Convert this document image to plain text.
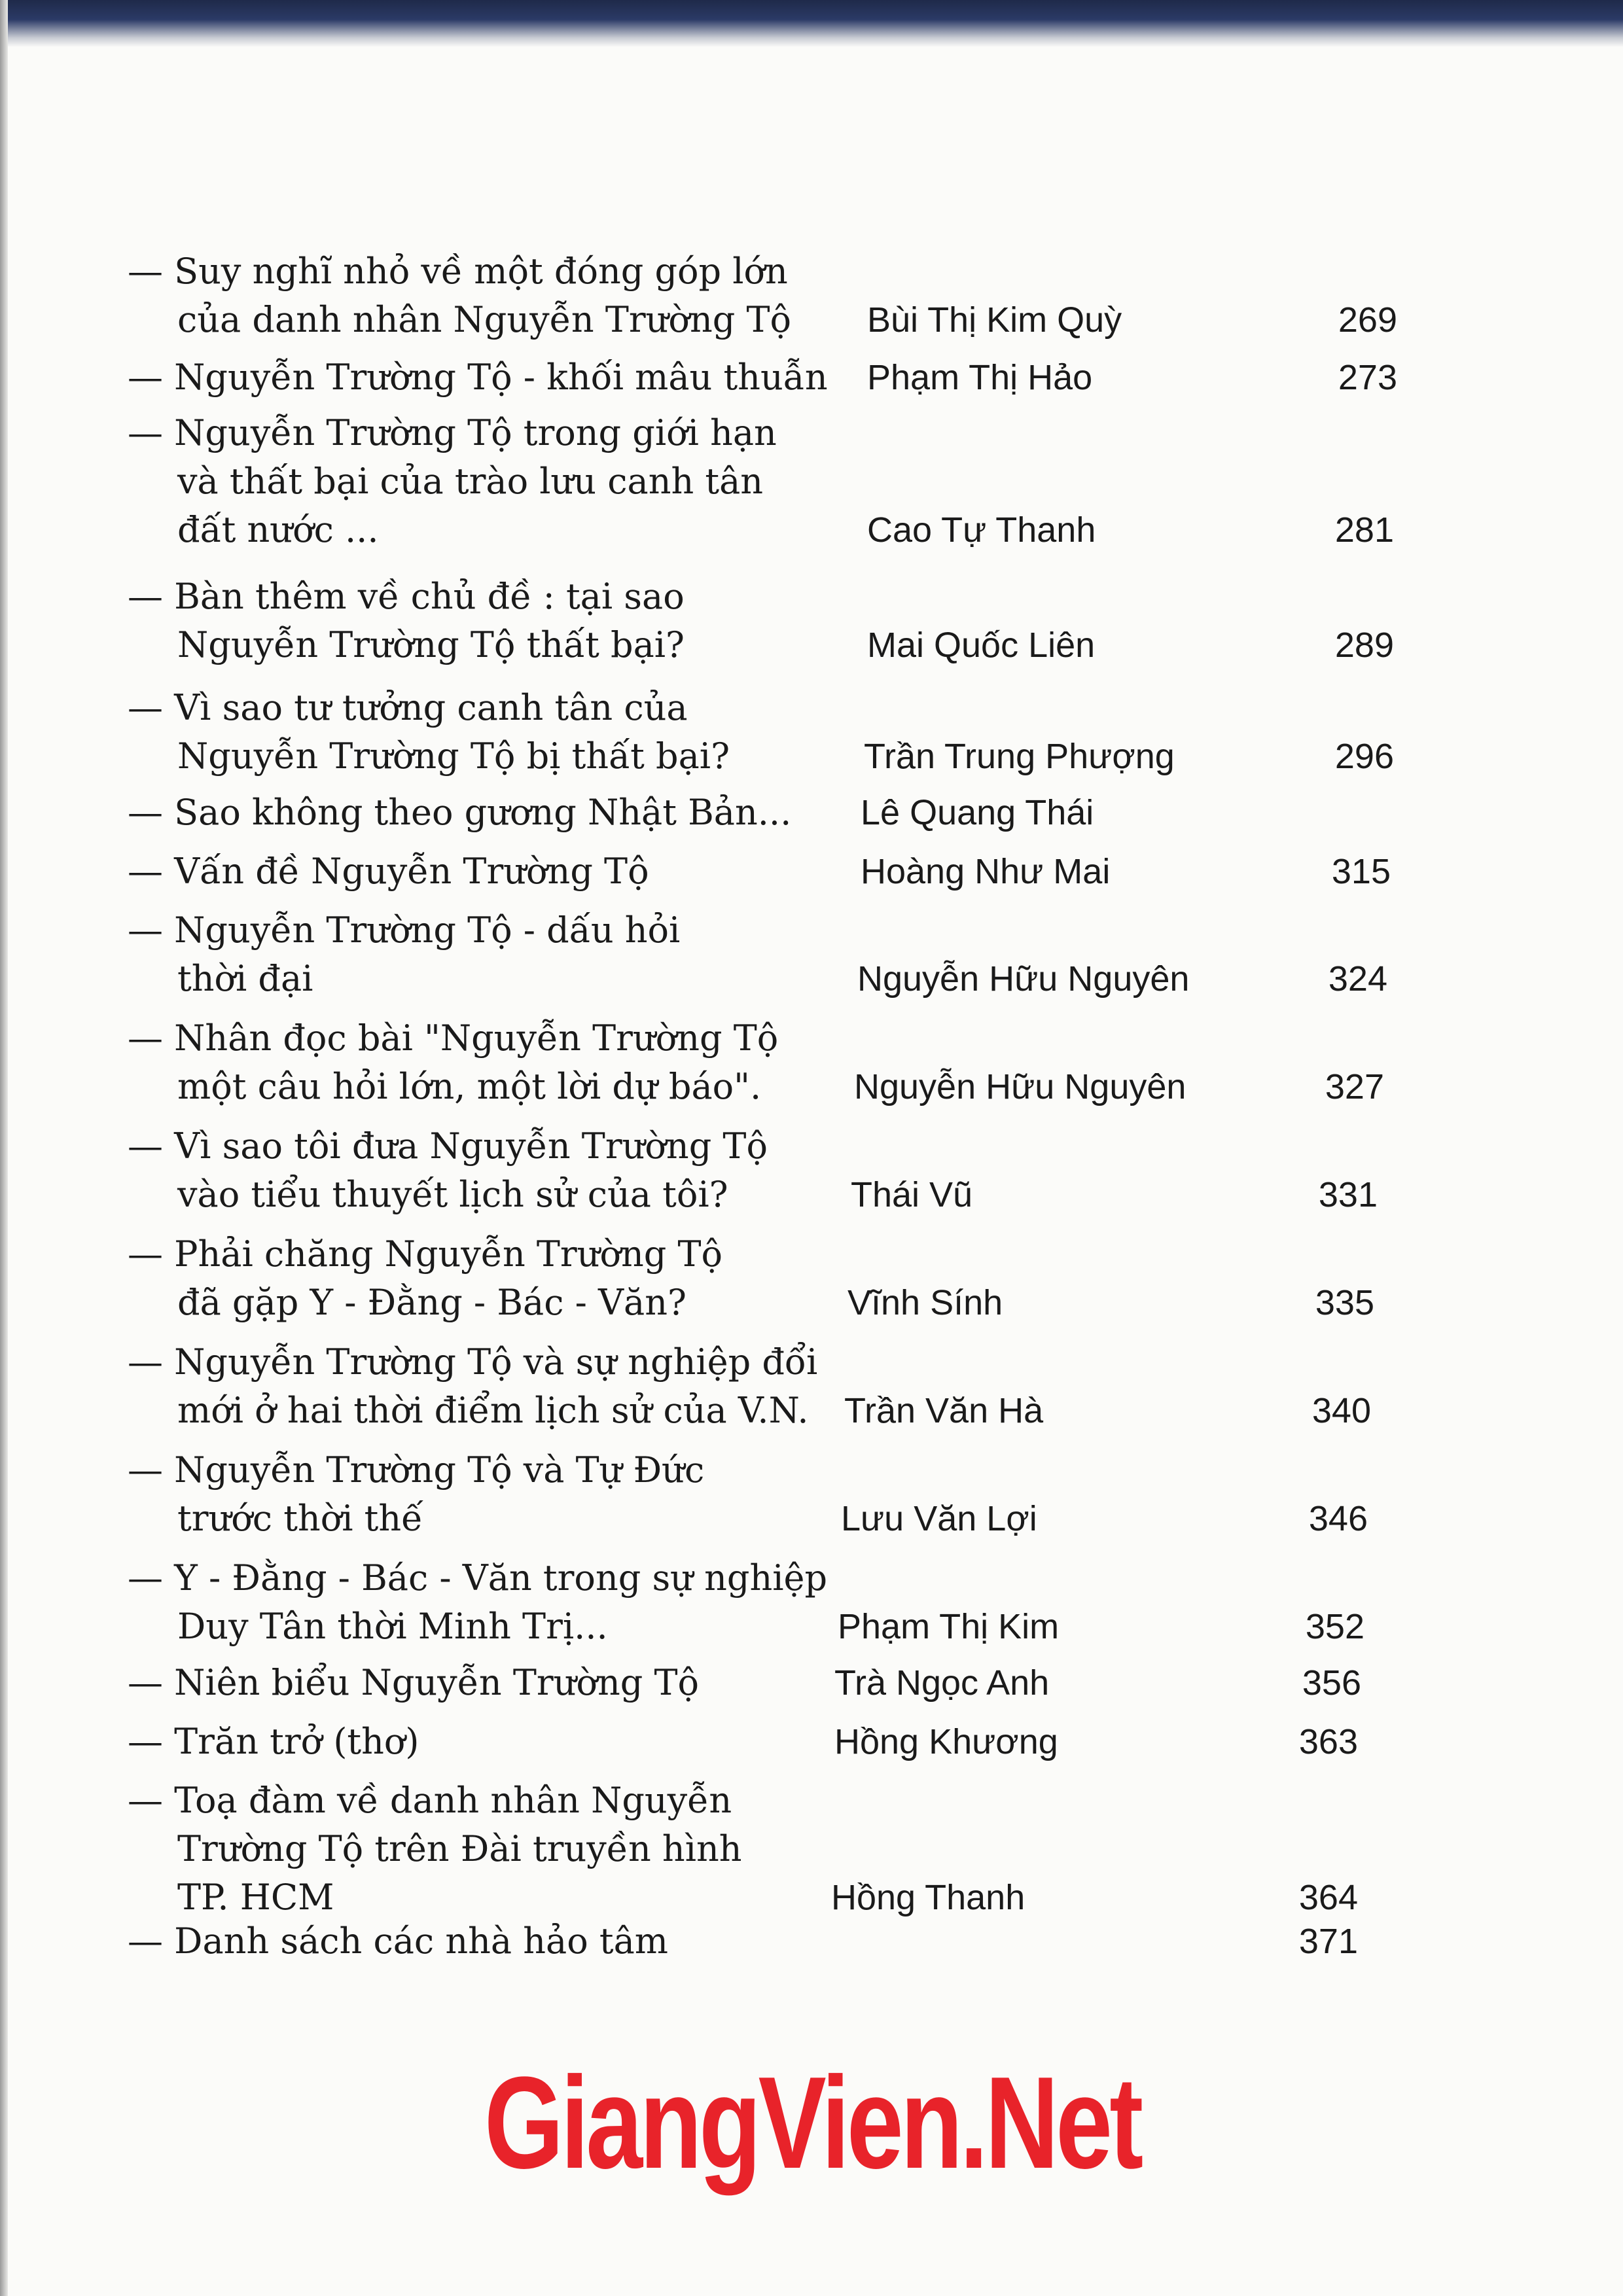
— Suy nghĩ nhỏ về một đóng góp lớn
của danh nhân Nguyễn Trường Tộ	Bùi Thị Kim Quỳ	269
— Nguyễn Trường Tộ - khối mâu thuẫn	Phạm Thị Hảo	273
— Nguyễn Trường Tộ trong giới hạn
và thất bại của trào lưu canh tân
đất nước ...	Cao Tự Thanh	281
— Bàn thêm về chủ đề : tại sao
Nguyễn Trường Tộ thất bại?	Mai Quốc Liên	289
— Vì sao tư tưởng canh tân của
Nguyễn Trường Tộ bị thất bại?	Trần Trung Phượng	296
— Sao không theo gương Nhật Bản...	Lê Quang Thái
— Vấn đề Nguyễn Trường Tộ	Hoàng Như Mai	315
— Nguyễn Trường Tộ - dấu hỏi
thời đại	Nguyễn Hữu Nguyên	324
— Nhân đọc bài "Nguyễn Trường Tộ
một câu hỏi lớn, một lời dự báo".	Nguyễn Hữu Nguyên	327
— Vì sao tôi đưa Nguyễn Trường Tộ
vào tiểu thuyết lịch sử của tôi?	Thái Vũ	331
— Phải chăng Nguyễn Trường Tộ
đã gặp Y - Đằng - Bác - Văn?	Vĩnh Sính	335
— Nguyễn Trường Tộ và sự nghiệp đổi
mới ở hai thời điểm lịch sử của V.N.	Trần Văn Hà	340
— Nguyễn Trường Tộ và Tự Đức
trước thời thế	Lưu Văn Lợi	346
— Y - Đằng - Bác - Văn trong sự nghiệp
Duy Tân thời Minh Trị...	Phạm Thị Kim	352
— Niên biểu Nguyễn Trường Tộ	Trà Ngọc Anh	356
— Trăn trở (thơ)	Hồng Khương	363
— Toạ đàm về danh nhân Nguyễn
Trường Tộ trên Đài truyền hình
TP. HCM	Hồng Thanh	364
— Danh sách các nhà hảo tâm	371
GiangVien.Net
